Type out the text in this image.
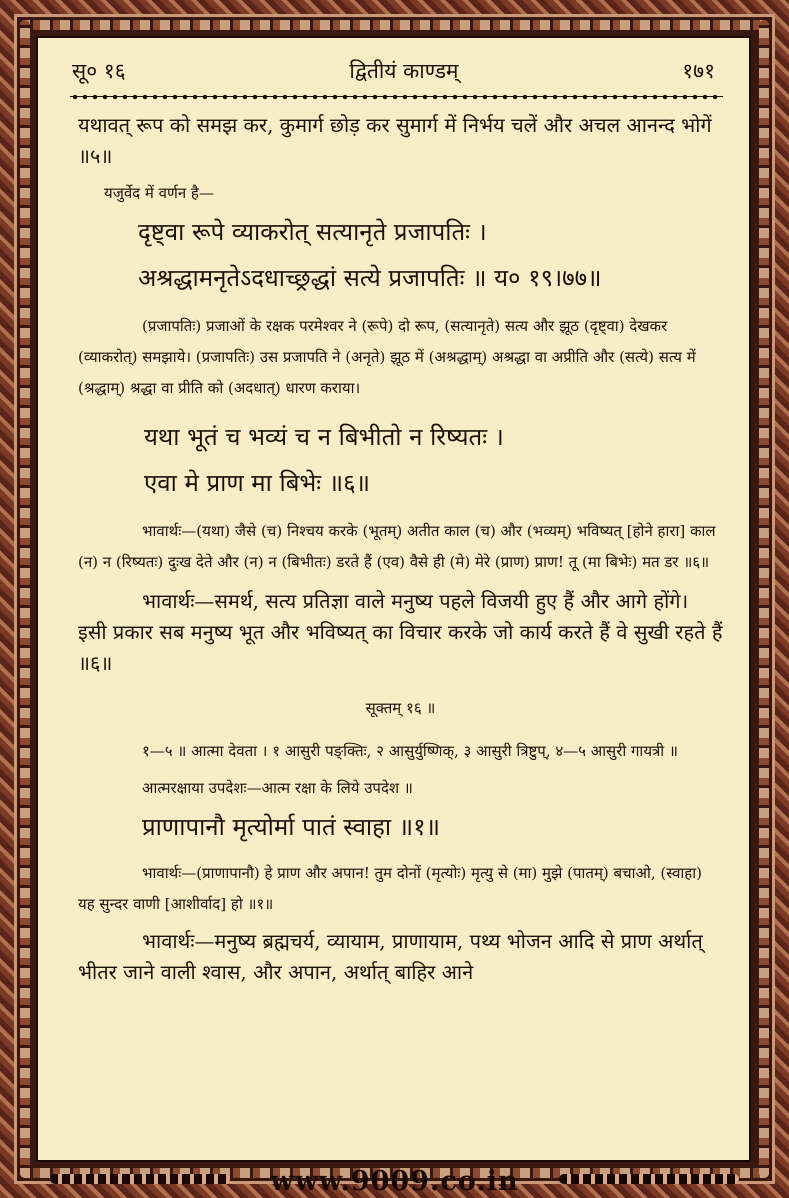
सू० १६	द्वितीयं काण्डम्	१७१

यथावत् रूप को समझ कर, कुमार्ग छोड़ कर सुमार्ग में निर्भय चलें और अचल आनन्द भोगें ॥५॥

यजुर्वेद में वर्णन है—

दृष्ट्वा रूपे व्याकरोत् सत्यानृते प्रजापतिः ।

अश्रद्धामनृतेऽदधाच्छ्रद्धां सत्ये प्रजापतिः ॥ य० १९।७७॥

(प्रजापतिः) प्रजाओं के रक्षक परमेश्वर ने (रूपे) दो रूप, (सत्यानृते) सत्य और झूठ (दृष्ट्वा) देखकर (व्याकरोत्) समझाये। (प्रजापतिः) उस प्रजापति ने (अनृते) झूठ में (अश्रद्धाम्) अश्रद्धा वा अप्रीति और (सत्ये) सत्य में (श्रद्धाम्) श्रद्धा वा प्रीति को (अदधात्) धारण कराया।

यथा भूतं च भव्यं च न बिभीतो न रिष्यतः ।

एवा मे प्राण मा बिभेः ॥६॥

भावार्थः—(यथा) जैसे (च) निश्चय करके (भूतम्) अतीत काल (च) और (भव्यम्) भविष्यत् [होने हारा] काल (न) न (रिष्यतः) दुःख देते और (न) न (बिभीतः) डरते हैं (एव) वैसे ही (मे) मेरे (प्राण) प्राण! तू (मा बिभेः) मत डर ॥६॥

भावार्थः—समर्थ, सत्य प्रतिज्ञा वाले मनुष्य पहले विजयी हुए हैं और आगे होंगे। इसी प्रकार सब मनुष्य भूत और भविष्यत् का विचार करके जो कार्य करते हैं वे सुखी रहते हैं ॥६॥

सूक्तम् १६ ॥

१—५ ॥ आत्मा देवता । १ आसुरी पङ्क्तिः, २ आसुर्युष्णिक्, ३ आसुरी त्रिष्टुप्, ४—५ आसुरी गायत्री ॥

आत्मरक्षाया उपदेशः—आत्म रक्षा के लिये उपदेश ॥

प्राणापानौ मृत्योर्मा पातं स्वाहा ॥१॥

भावार्थः—(प्राणापानौ) हे प्राण और अपान! तुम दोनों (मृत्योः) मृत्यु से (मा) मुझे (पातम्) बचाओ, (स्वाहा) यह सुन्दर वाणी [आशीर्वाद] हो ॥१॥

भावार्थः—मनुष्य ब्रह्मचर्य, व्यायाम, प्राणायाम, पथ्य भोजन आदि से प्राण अर्थात् भीतर जाने वाली श्वास, और अपान, अर्थात् बाहिर आने

www.9009.co.in
